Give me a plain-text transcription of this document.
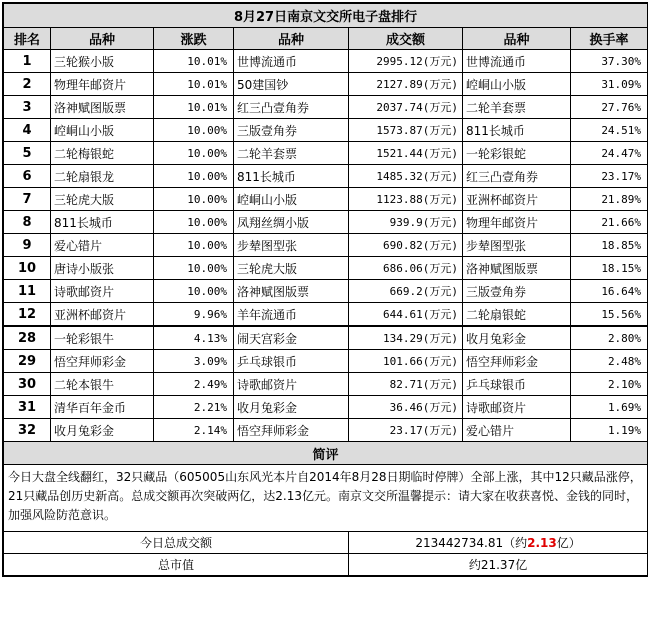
8月27日南京文交所电子盘排行						
排名	品种	涨跌	品种	成交额	品种	换手率
1	三轮猴小版	10.01%	世博流通币	2995.12(万元)	世博流通币	37.30%
2	物理年邮资片	10.01%	50建国钞	2127.89(万元)	崆峒山小版	31.09%
3	洛神赋图版票	10.01%	红三凸壹角券	2037.74(万元)	二轮羊套票	27.76%
4	崆峒山小版	10.00%	三版壹角券	1573.87(万元)	811长城币	24.51%
5	二轮梅银蛇	10.00%	二轮羊套票	1521.44(万元)	一轮彩银蛇	24.47%
6	二轮扇银龙	10.00%	811长城币	1485.32(万元)	红三凸壹角券	23.17%
7	三轮虎大版	10.00%	崆峒山小版	1123.88(万元)	亚洲杯邮资片	21.89%
8	811长城币	10.00%	凤翔丝绸小版	939.9(万元)	物理年邮资片	21.66%
9	爱心错片	10.00%	步辇图型张	690.82(万元)	步辇图型张	18.85%
10	唐诗小版张	10.00%	三轮虎大版	686.06(万元)	洛神赋图版票	18.15%
11	诗歌邮资片	10.00%	洛神赋图版票	669.2(万元)	三版壹角券	16.64%
12	亚洲杯邮资片	9.96%	羊年流通币	644.61(万元)	二轮扇银蛇	15.56%
28	一轮彩银牛	4.13%	闹天宫彩金	134.29(万元)	收月兔彩金	2.80%
29	悟空拜师彩金	3.09%	乒乓球银币	101.66(万元)	悟空拜师彩金	2.48%
30	二轮本银牛	2.49%	诗歌邮资片	82.71(万元)	乒乓球银币	2.10%
31	清华百年金币	2.21%	收月兔彩金	36.46(万元)	诗歌邮资片	1.69%
32	收月兔彩金	2.14%	悟空拜师彩金	23.17(万元)	爱心错片	1.19%
简评						
今日大盘全线翻红，32只藏品（605005山东风光本片自2014年8月28日期临时停牌）全部上涨，其中12只藏品涨停，21只藏品创历史新高。总成交额再次突破两亿，达2.13亿元。南京文交所温馨提示：请大家在收获喜悦、金钱的同时，加强风险防范意识。						
今日总成交额				213442734.81（约2.13亿）		
总市值				约21.37亿		
